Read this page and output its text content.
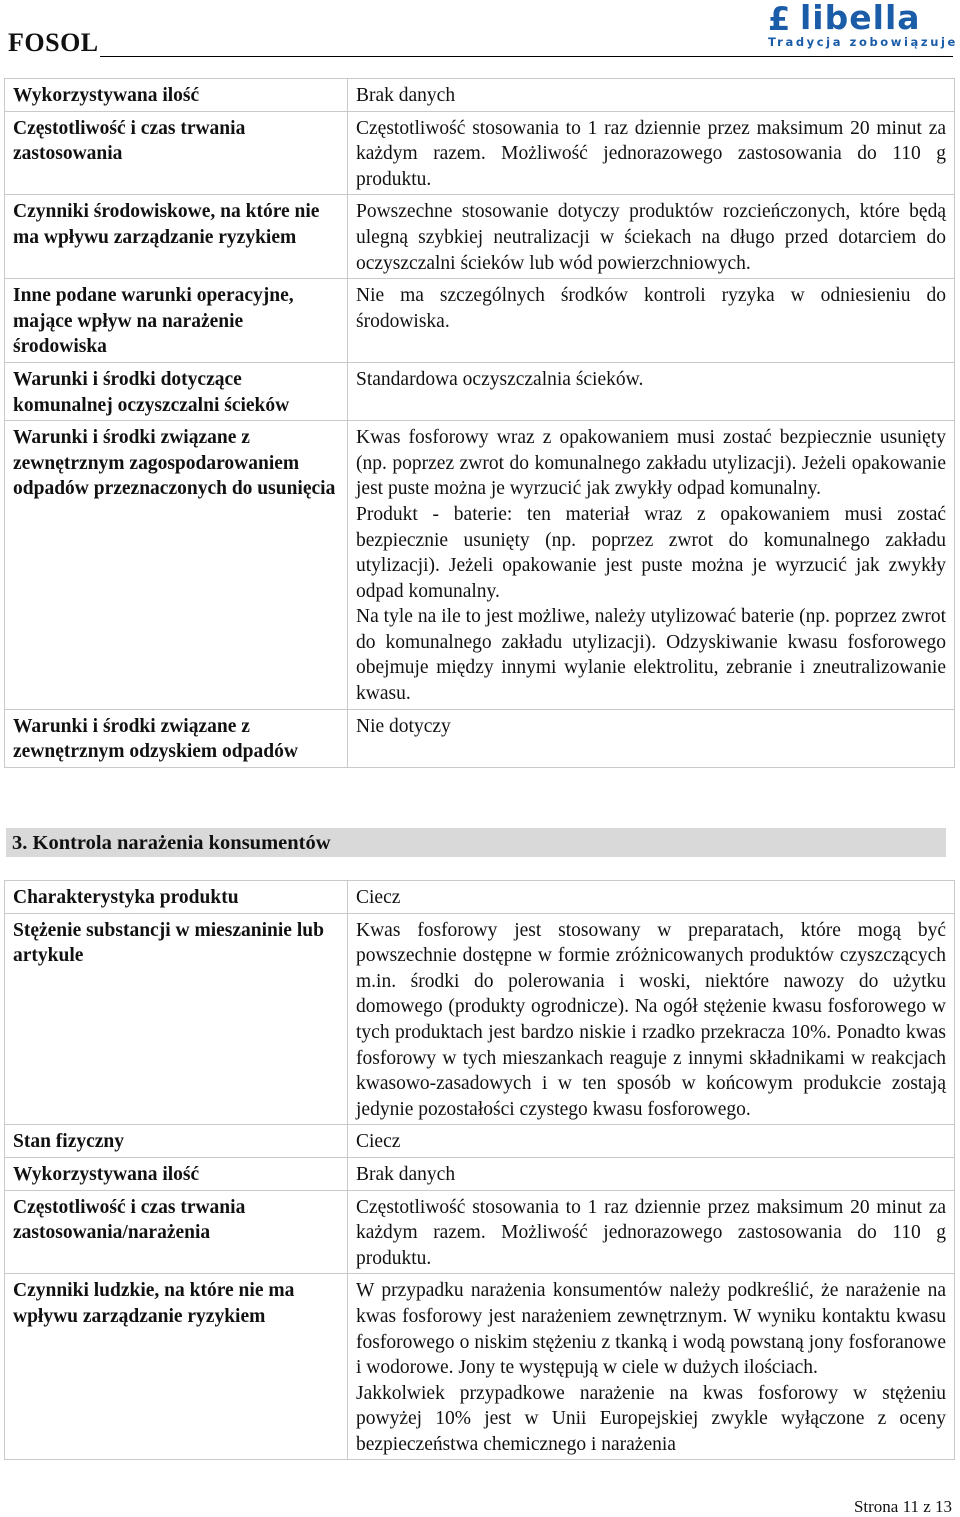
FOSOL
£ libella
Tradycja zobowiązuje
Wykorzystywana ilość	Brak danych
Częstotliwość i czas trwania zastosowania	Częstotliwość stosowania to 1 raz dziennie przez maksimum 20 minut za każdym razem. Możliwość jednorazowego zastosowania do 110 g produktu.
Czynniki środowiskowe, na które nie ma wpływu zarządzanie ryzykiem	Powszechne stosowanie dotyczy produktów rozcieńczonych, które będą ulegną szybkiej neutralizacji w ściekach na długo przed dotarciem do oczyszczalni ścieków lub wód powierzchniowych.
Inne podane warunki operacyjne, mające wpływ na narażenie środowiska	Nie ma szczególnych środków kontroli ryzyka w odniesieniu do środowiska.
Warunki i środki dotyczące komunalnej oczyszczalni ścieków	Standardowa oczyszczalnia ścieków.
Warunki i środki związane z zewnętrznym zagospodarowaniem odpadów przeznaczonych do usunięcia	Kwas fosforowy wraz z opakowaniem musi zostać bezpiecznie usunięty (np. poprzez zwrot do komunalnego zakładu utylizacji). Jeżeli opakowanie jest puste można je wyrzucić jak zwykły odpad komunalny.
Produkt - baterie: ten materiał wraz z opakowaniem musi zostać bezpiecznie usunięty (np. poprzez zwrot do komunalnego zakładu utylizacji). Jeżeli opakowanie jest puste można je wyrzucić jak zwykły odpad komunalny.
Na tyle na ile to jest możliwe, należy utylizować baterie (np. poprzez zwrot do komunalnego zakładu utylizacji). Odzyskiwanie kwasu fosforowego obejmuje między innymi wylanie elektrolitu, zebranie i zneutralizowanie kwasu.

Warunki i środki związane z zewnętrznym odzyskiem odpadów	Nie dotyczy
3. Kontrola narażenia konsumentów
Charakterystyka produktu	Ciecz
Stężenie substancji w mieszaninie lub artykule	Kwas fosforowy jest stosowany w preparatach, które mogą być powszechnie dostępne w formie zróżnicowanych produktów czyszczących m.in. środki do polerowania i woski, niektóre nawozy do użytku domowego (produkty ogrodnicze). Na ogół stężenie kwasu fosforowego w tych produktach jest bardzo niskie i rzadko przekracza 10%. Ponadto kwas fosforowy w tych mieszankach reaguje z innymi składnikami w reakcjach kwasowo-zasadowych i w ten sposób w końcowym produkcie zostają jedynie pozostałości czystego kwasu fosforowego.
Stan fizyczny	Ciecz
Wykorzystywana ilość	Brak danych
Częstotliwość i czas trwania zastosowania/narażenia	Częstotliwość stosowania to 1 raz dziennie przez maksimum 20 minut za każdym razem. Możliwość jednorazowego zastosowania do 110 g produktu.
Czynniki ludzkie, na które nie ma wpływu zarządzanie ryzykiem	W przypadku narażenia konsumentów należy podkreślić, że narażenie na kwas fosforowy jest narażeniem zewnętrznym. W wyniku kontaktu kwasu fosforowego o niskim stężeniu z tkanką i wodą powstaną jony fosforanowe i wodorowe. Jony te występują w ciele w dużych ilościach.
Jakkolwiek przypadkowe narażenie na kwas fosforowy w stężeniu powyżej 10% jest w Unii Europejskiej zwykle wyłączone z oceny bezpieczeństwa chemicznego i narażenia
Strona 11 z 13
